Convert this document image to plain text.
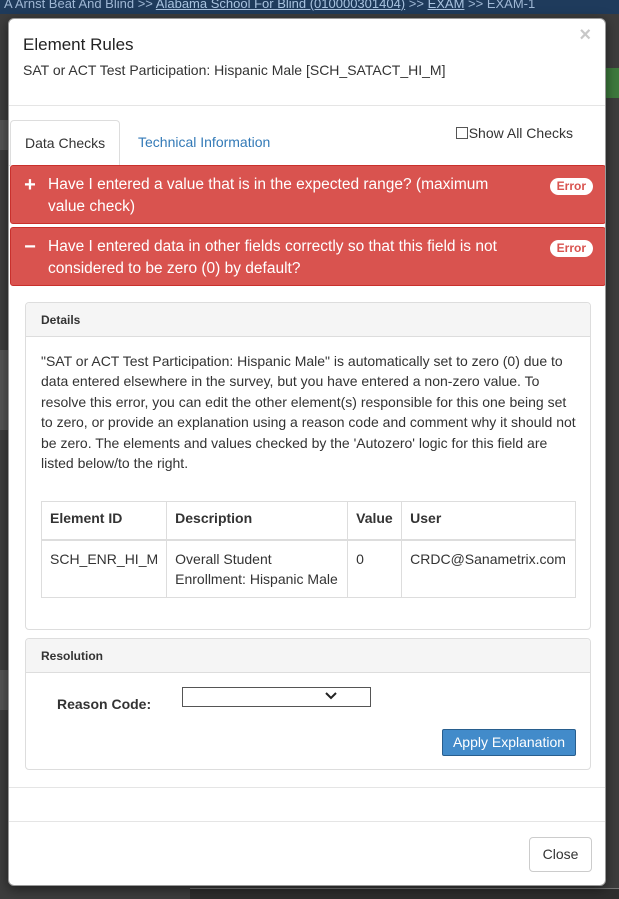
A Arnst Beat And Blind >> Alabama School For Blind (010000301404) >> EXAM >> EXAM-1
Element Rules
SAT or ACT Test Participation: Hispanic Male [SCH_SATACT_HI_M]
×
Data Checks	Technical Information
Show All Checks
+ Have I entered a value that is in the expected range? (maximum value check)
Error
− Have I entered data in other fields correctly so that this field is not considered to be zero (0) by default?
Error
Details
"SAT or ACT Test Participation: Hispanic Male" is automatically set to zero (0) due to data entered elsewhere in the survey, but you have entered a non-zero value. To resolve this error, you can edit the other element(s) responsible for this one being set to zero, or provide an explanation using a reason code and comment why it should not be zero. The elements and values checked by the 'Autozero' logic for this field are listed below/to the right.
Element ID	Description	Value	User
SCH_ENR_HI_M	Overall Student Enrollment: Hispanic Male	0	CRDC@Sanametrix.com
Resolution
Reason Code:
Apply Explanation
Close
